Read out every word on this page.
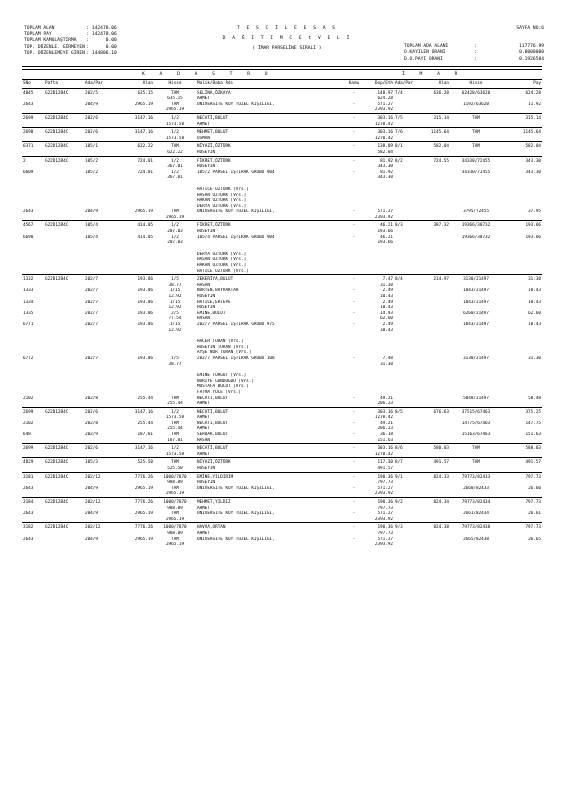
TOPLAM ALAN	: 142478.06
TOPLAM PAY	: 142478.06
TOPLAM KAMULAŞTIRMA	:	0.00
TOP. DÜZENLE. GİRMEYEN :	0.00
TOP. DÜZENLEMEYE GİREN : 144806.10
T E S C İ L E E S A S
D A Ğ I T I M C E t V E L İ
( İMAR PARSELİNE SIRALI )
SAYFA NO:6
TOPLAM ADA ALANI	:	117776.99
O.KAYILEN ORANI	:	0.0000000
D.O.PAYI ORANI	:	0.1926584
K A D A S T R O	İ M A R
SNo	Pafta	Ada/Par	Alan	Hisse	Malik/Baba Adı	Kamu	Dop/Eth	Ada/Par	Alan	Hisse	Pay
4845	G22D12B4C	202/5	635.15	TAM	SELİNA,ÖZKAYA	-	148.97	7/4	636.28	62428/63620	624.28
				635.15	AHMET		624.28				
2643		204/9	2965.19	TAM	ÜNİVERSİTE KÖY TÜZEL KİŞİLİĞİ,	-	571.27			1192/63620	11.92
				2965.19			2393.92				
2699	G22D12B4C	202/6	3147.16	1/2	NECATİ,BULUT	-	303.16	7/5	315.14	TAM	315.14
				1573.58	AHMET		1270.42				
2698	G22D12B4C	202/6	3147.16	1/2	MEHMET,BULUT	-	303.16	7/6	1145.64	TAM	1145.64
				1573.58	OSMAN		1270.42				
6371	G22D12B4C	105/1	622.22	TAM	NİYAZİ,ÖZTÜRK	-	138.89	8/1	582.04	TAM	582.04
				622.22	HÜSEYİN		582.04				
2	G22D12B4C	105/2	724.01	1/2	FİKRET,ÖZTÜRK	-	81.92	8/2	724.55	34330/72455	343.30
				367.01	HÜSEYİN		343.30				
6609		105/2	724.01	1/2	105/2 PARSEL İŞTİRAK GRUBU 904	-	81.92			34330/72455	343.30
				367.01			343.30				

					HATİCE ÖZTÜRK [Vrs.]						
					HASAN ÖZTÜRK [Vrs.]						
					HAKAN ÖZTÜRK [Vrs.]						
					DERYA ÖZTÜRK [Vrs.]						
2643		204/9	2965.19	TAM	ÜNİVERSİTE KÖY TÜZEL KİŞİLİĞİ,	-	571.27			3795/72455	37.95
				2965.19			2393.92				
4567	G22D12B4C	105/4	414.05	1/2	FİKRET,ÖZTÜRK	-	46.21	8/3	387.32	19366/38732	193.66
				207.03	HÜSEYİN		193.66				
6690		105/4	414.05	1/2	105/4 PARSEL İŞTİRAK GRUBU 904	-	46.21			19366/38732	193.66
				207.03			193.66				

					DERYA ÖZTÜRK [Vrs.]						
					HASAN ÖZTÜRK [Vrs.]						
					HAKAN ÖZTÜRK [Vrs.]						
					HATİCE ÖZTÜRK [Vrs.]						
1332	G22D12B4C	202/7	193.86	1/5	ZEKERİYA,BULUT	-	7.47	8/4	214.97	3130/21497	31.30
				38.77	HASAN		31.30				
1333		202/7	193.86	1/15	NURTEN,BAYRAKTAR	-	2.49			1043/21497	10.43
				12.92	HÜSEYİN		10.43				
1334		202/7	193.86	1/15	HATİCE,ERTEPE	-	2.49			1043/21497	10.43
				12.92	HÜSEYİN		10.43				
1335		202/7	193.86	2/5	EMİNE,BULUT	-	14.93			6260/21497	62.60
				77.54	HASAN		62.60				
6771		202/7	193.86	1/15	202/7 PARSEL İŞTİRAK GRUBU 975	-	2.49			1043/21497	10.43
				12.92			10.43				

					HACER TURAN [Vrs.]						
					HÜSEYİN TURAN [Vrs.]						
					AYŞE NUR TURAN [Vrs.]						
6772		202/7	193.86	1/5	202/7 PARSEL İŞTİRAK GRUBU 108	-	7.48			3130/21497	31.30
				38.77			31.30				

					EMİNE TURGUT [Vrs.]						
					NURİYE GÜNDOĞDU [Vrs.]						
					MUSTAFA BULUT [Vrs.]						
					FATMA YÜCE [Vrs.]						
2102		202/8	255.44	TAM	NECATİ,BULUT	-	49.21			5848/21497	58.48
				255.44	AHMET		206.23				
2699	G22D12B4C	202/6	3147.16	1/2	NECATİ,BULUT	-	303.16	8/5	676.63	37515/67463	375.25
				1573.58	AHMET		1270.42				
2102		202/8	255.44	TAM	NECATİ,BULUT	-	49.21			14775/67463	147.75
				255.44	AHMET		206.23				
648		202/9	187.81	TAM	SERDAR,BULUT	-	36.18			15163/67463	151.63
				187.81	HASAN		151.63				
2699	G22D12B4C	202/6	3147.16	1/2	NECATİ,BULUT	-	303.16	8/6	580.03	TAM	580.03
				1573.58	AHMET		1270.42				
4829	G22D12B4C	105/3	525.50	TAM	NİYAZİ,ÖZTÜRK	-	117.30	8/7	491.57	TAM	491.57
				525.50	HÜSEYİN		491.57				
3181	G22D12B4C	202/12	7776.26	1000/7870	EMİNE,YILDIRIM	-	190.36	9/1	824.33	79773/82433	797.73
				988.09	HÜSEYİN		797.73				
2643		204/9	2965.19	TAM	ÜNİVERSİTE KÖY TÜZEL KİŞİLİĞİ,	-	571.27			2660/82433	26.60
				2965.19			2393.92				
3184	G22D12B4C	202/12	7776.26	1000/7870	MEHMET,YILDIZ	-	190.36	9/2	824.34	79773/82434	797.73
				988.09	AHMET		797.73				
2643		204/9	2965.19	TAM	ÜNİVERSİTE KÖY TÜZEL KİŞİLİĞİ,	-	571.27			2661/82434	26.61
				2965.19			2393.92				
3182	G22D12B4C	202/12	7776.26	1000/7870	HAVVA,ORTAN	-	190.36	9/3	824.38	79773/82438	797.73
				988.09	AHMET		797.73				
2643		204/9	2965.19	TAM	ÜNİVERSİTE KÖY TÜZEL KİŞİLİĞİ,	-	571.27			2665/82438	26.65
				2965.19			2393.92				
